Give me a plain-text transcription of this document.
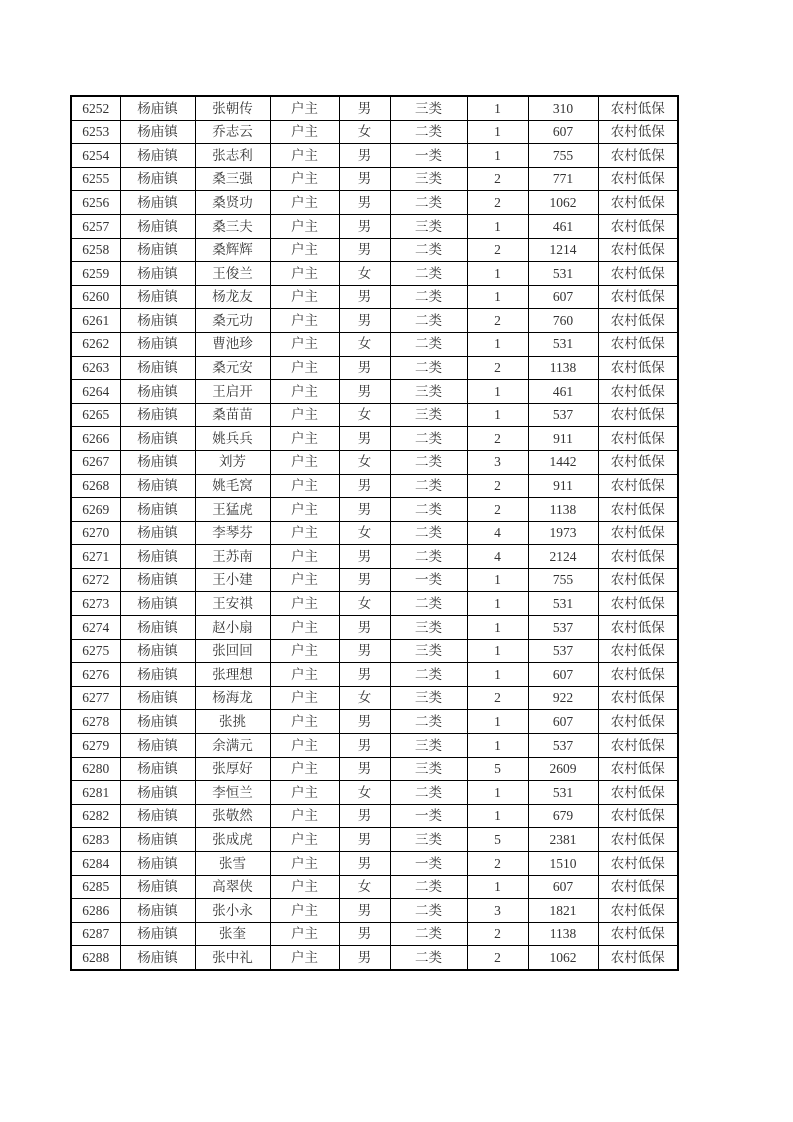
6252	杨庙镇	张朝传	户主	男	三类	1	310	农村低保
6253	杨庙镇	乔志云	户主	女	二类	1	607	农村低保
6254	杨庙镇	张志利	户主	男	一类	1	755	农村低保
6255	杨庙镇	桑三强	户主	男	三类	2	771	农村低保
6256	杨庙镇	桑贤功	户主	男	二类	2	1062	农村低保
6257	杨庙镇	桑三夫	户主	男	三类	1	461	农村低保
6258	杨庙镇	桑辉辉	户主	男	二类	2	1214	农村低保
6259	杨庙镇	王俊兰	户主	女	二类	1	531	农村低保
6260	杨庙镇	杨龙友	户主	男	二类	1	607	农村低保
6261	杨庙镇	桑元功	户主	男	二类	2	760	农村低保
6262	杨庙镇	曹池珍	户主	女	二类	1	531	农村低保
6263	杨庙镇	桑元安	户主	男	二类	2	1138	农村低保
6264	杨庙镇	王启开	户主	男	三类	1	461	农村低保
6265	杨庙镇	桑苗苗	户主	女	三类	1	537	农村低保
6266	杨庙镇	姚兵兵	户主	男	二类	2	911	农村低保
6267	杨庙镇	刘芳	户主	女	二类	3	1442	农村低保
6268	杨庙镇	姚毛窝	户主	男	二类	2	911	农村低保
6269	杨庙镇	王猛虎	户主	男	二类	2	1138	农村低保
6270	杨庙镇	李琴芬	户主	女	二类	4	1973	农村低保
6271	杨庙镇	王苏南	户主	男	二类	4	2124	农村低保
6272	杨庙镇	王小建	户主	男	一类	1	755	农村低保
6273	杨庙镇	王安祺	户主	女	二类	1	531	农村低保
6274	杨庙镇	赵小扇	户主	男	三类	1	537	农村低保
6275	杨庙镇	张回回	户主	男	三类	1	537	农村低保
6276	杨庙镇	张理想	户主	男	二类	1	607	农村低保
6277	杨庙镇	杨海龙	户主	女	三类	2	922	农村低保
6278	杨庙镇	张挑	户主	男	二类	1	607	农村低保
6279	杨庙镇	余满元	户主	男	三类	1	537	农村低保
6280	杨庙镇	张厚好	户主	男	三类	5	2609	农村低保
6281	杨庙镇	李恒兰	户主	女	二类	1	531	农村低保
6282	杨庙镇	张敬然	户主	男	一类	1	679	农村低保
6283	杨庙镇	张成虎	户主	男	三类	5	2381	农村低保
6284	杨庙镇	张雪	户主	男	一类	2	1510	农村低保
6285	杨庙镇	高翠侠	户主	女	二类	1	607	农村低保
6286	杨庙镇	张小永	户主	男	二类	3	1821	农村低保
6287	杨庙镇	张奎	户主	男	二类	2	1138	农村低保
6288	杨庙镇	张中礼	户主	男	二类	2	1062	农村低保
